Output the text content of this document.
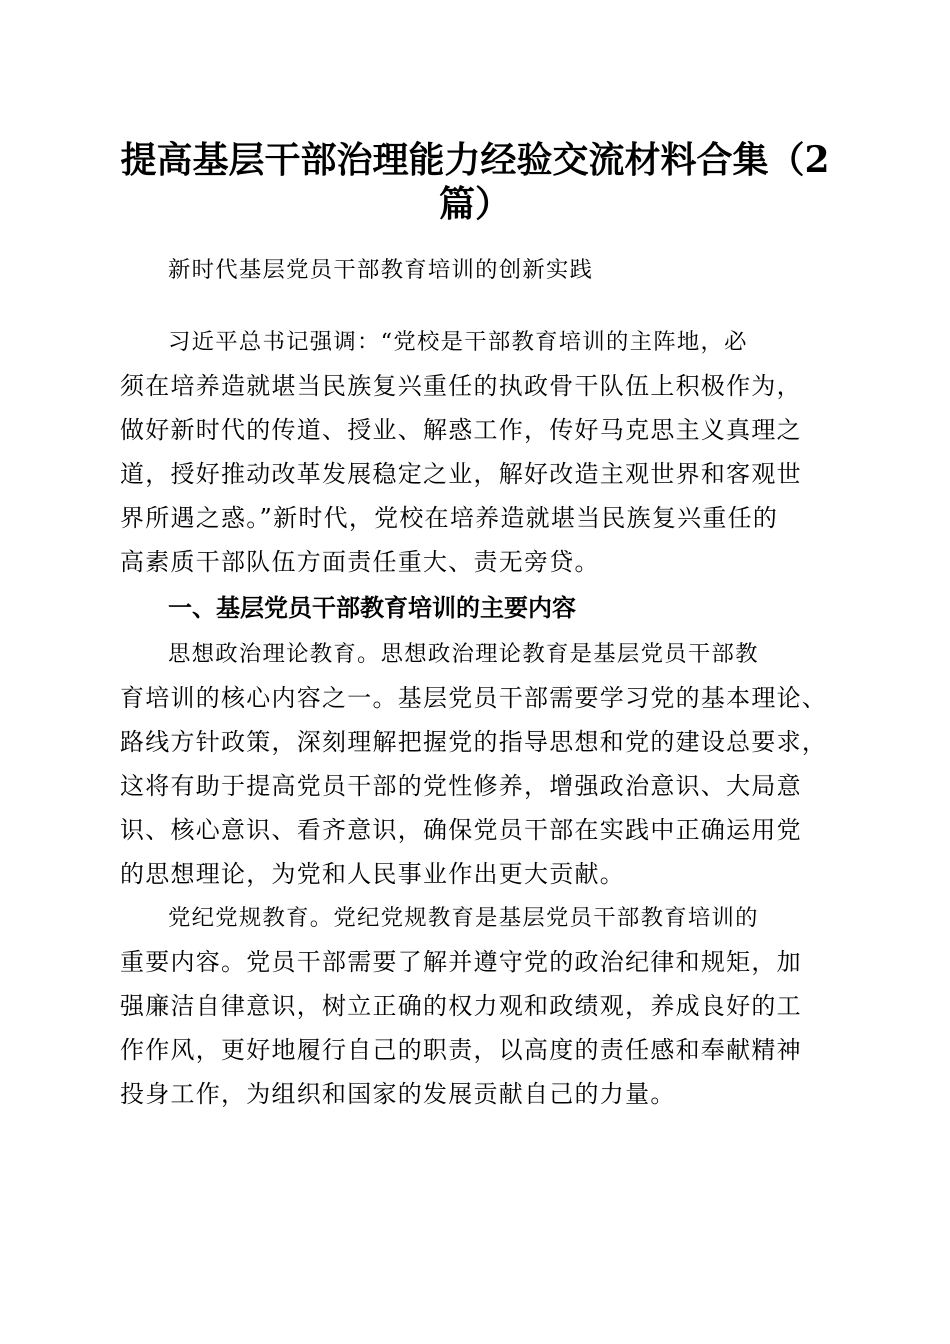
提高基层干部治理能力经验交流材料合集（2
篇）
新时代基层党员干部教育培训的创新实践
习近平总书记强调：“党校是干部教育培训的主阵地，必
须在培养造就堪当民族复兴重任的执政骨干队伍上积极作为，
做好新时代的传道、授业、解惑工作，传好马克思主义真理之
道，授好推动改革发展稳定之业，解好改造主观世界和客观世
界所遇之惑。”新时代，党校在培养造就堪当民族复兴重任的
高素质干部队伍方面责任重大、责无旁贷。
一、基层党员干部教育培训的主要内容
思想政治理论教育。思想政治理论教育是基层党员干部教
育培训的核心内容之一。基层党员干部需要学习党的基本理论、
路线方针政策，深刻理解把握党的指导思想和党的建设总要求，
这将有助于提高党员干部的党性修养，增强政治意识、大局意
识、核心意识、看齐意识，确保党员干部在实践中正确运用党
的思想理论，为党和人民事业作出更大贡献。
党纪党规教育。党纪党规教育是基层党员干部教育培训的
重要内容。党员干部需要了解并遵守党的政治纪律和规矩，加
强廉洁自律意识，树立正确的权力观和政绩观，养成良好的工
作作风，更好地履行自己的职责，以高度的责任感和奉献精神
投身工作，为组织和国家的发展贡献自己的力量。
